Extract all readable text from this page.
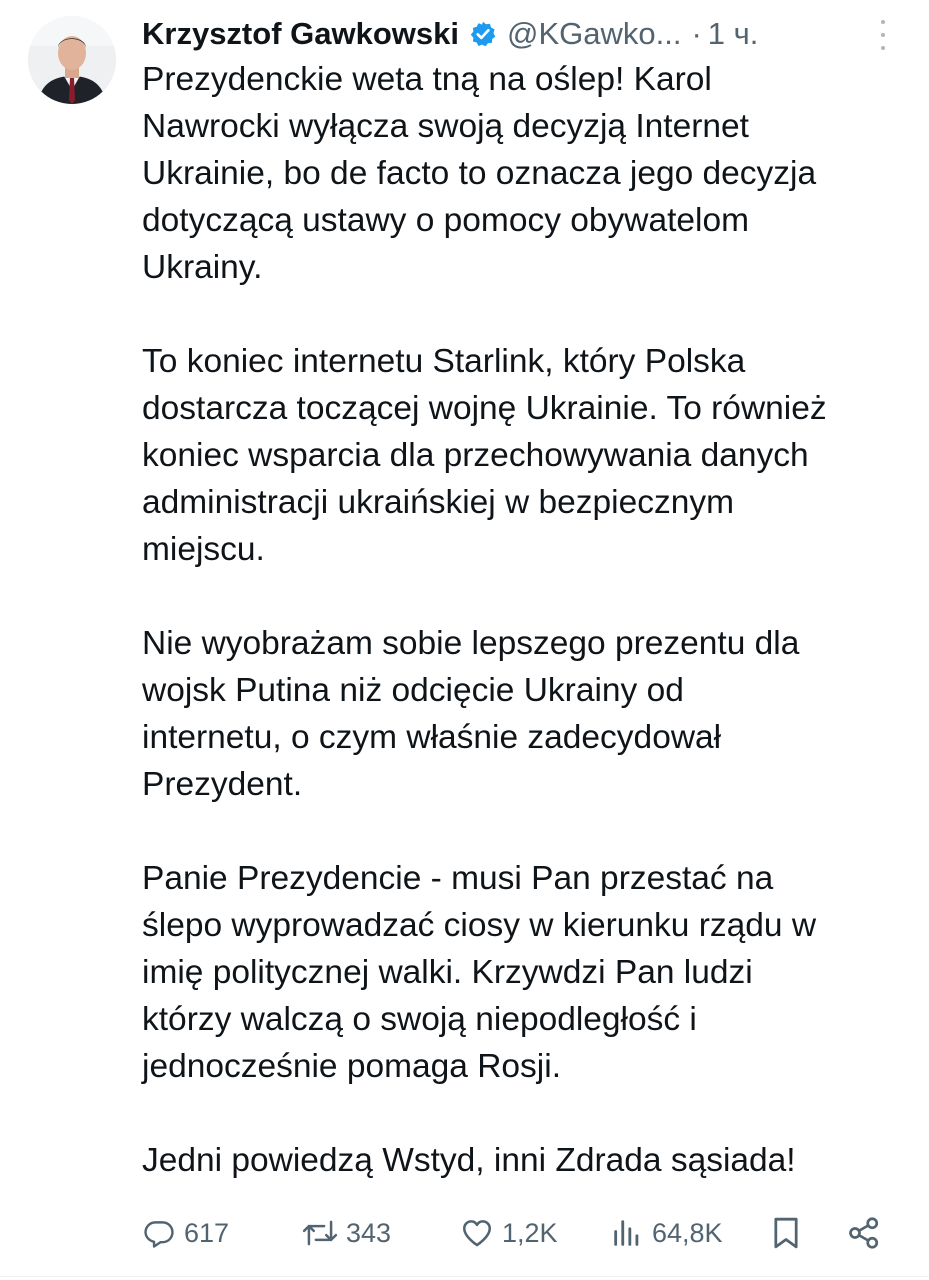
Krzysztof Gawkowski @KGawko... · 1 ч.

Prezydenckie weta tną na oślep! Karol
Nawrocki wyłącza swoją decyzją Internet
Ukrainie, bo de facto to oznacza jego decyzja
dotyczącą ustawy o pomocy obywatelom
Ukrainy.

To koniec internetu Starlink, który Polska
dostarcza toczącej wojnę Ukrainie. To również
koniec wsparcia dla przechowywania danych
administracji ukraińskiej w bezpiecznym
miejscu.

Nie wyobrażam sobie lepszego prezentu dla
wojsk Putina niż odcięcie Ukrainy od
internetu, o czym właśnie zadecydował
Prezydent.

Panie Prezydencie - musi Pan przestać na
ślepo wyprowadzać ciosy w kierunku rządu w
imię politycznej walki. Krzywdzi Pan ludzi
którzy walczą o swoją niepodległość i
jednocześnie pomaga Rosji.

Jedni powiedzą Wstyd, inni Zdrada sąsiada!

617	343	1,2K	64,8K
